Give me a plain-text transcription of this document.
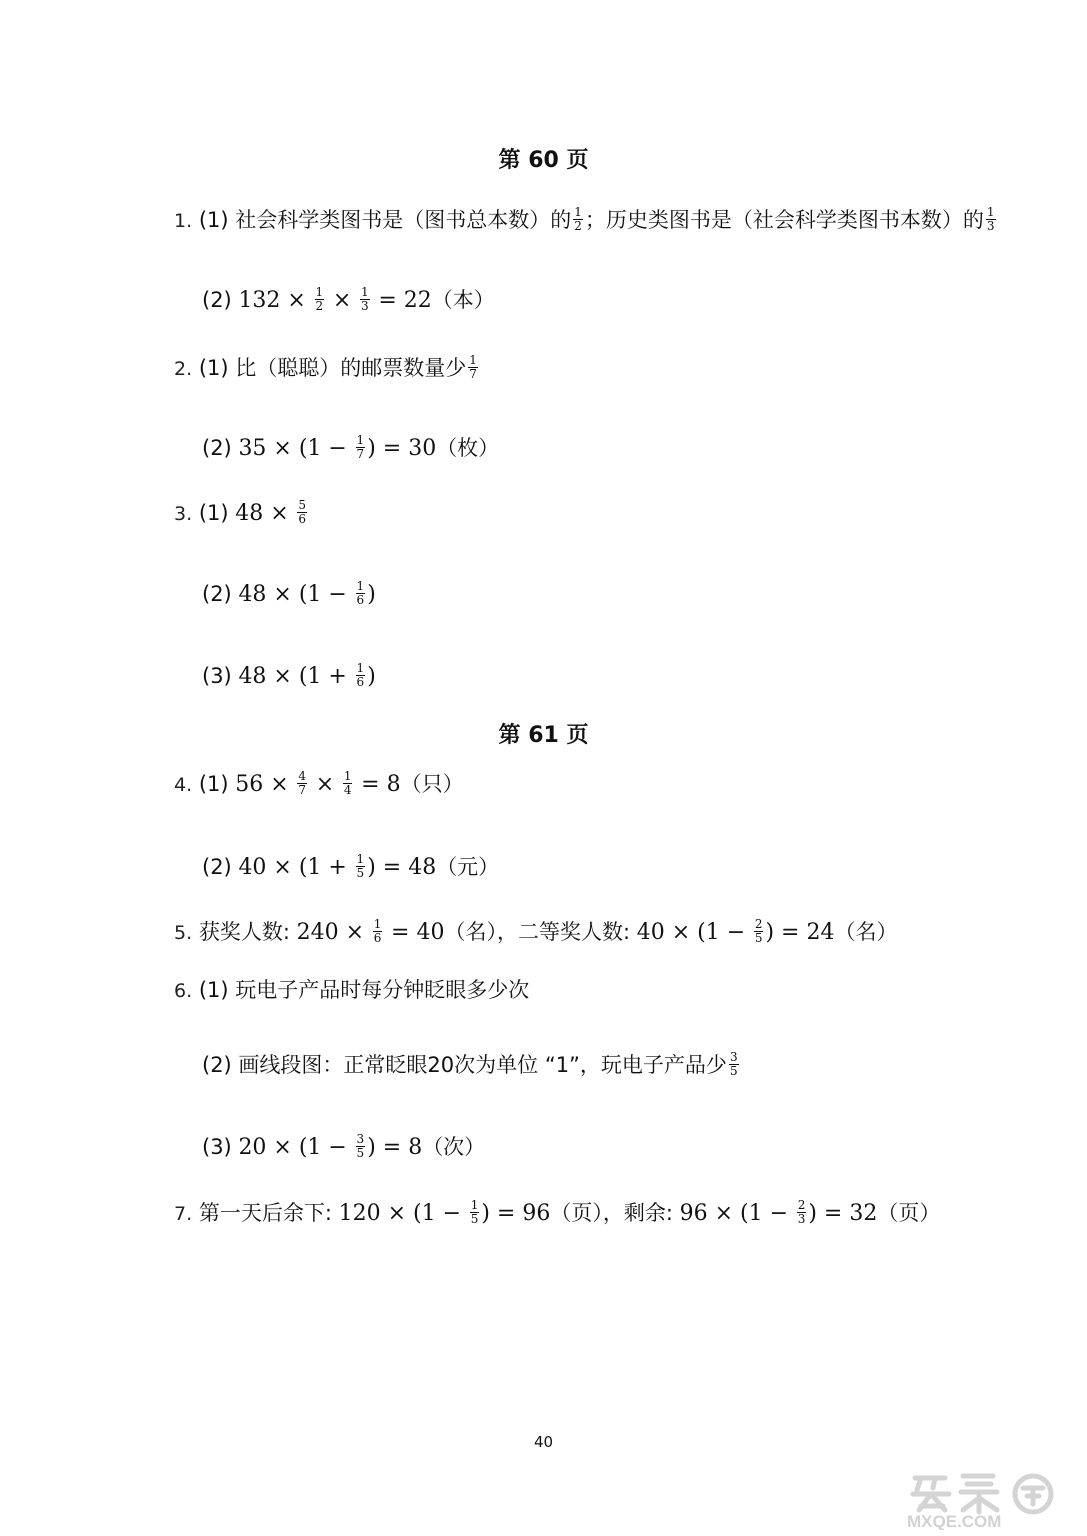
第 60 页
1. (1) 社会科学类图书是（图书总本数）的 $\frac{1}{2}$ ；历史类图书是（社会科学类图书本数）的 $\frac{1}{3}$
(2) $132 \times \frac{1}{2} \times \frac{1}{3} = 22$（本）
2. (1) 比（聪聪）的邮票数量少 $\frac{1}{7}$
(2) $35 \times (1 - \frac{1}{7}$ ) = 30（枚）
3. (1) $48 \times \frac{5}{6}$
(2) $48 \times (1 - \frac{1}{6}$ )
(3) $48 \times (1 + \frac{1}{6}$ )
第 61 页
4. (1) $56 \times \frac{4}{7} \times \frac{1}{4} = 8$（只）
(2) $40 \times (1 + \frac{1}{5}$ ) = 48（元）
5. 获奖人数: $240 \times \frac{1}{6} = 40$（名），二等奖人数: $40 \times (1 - \frac{2}{5}$ ) = 24（名）
6. (1) 玩电子产品时每分钟眨眼多少次
(2) 画线段图：正常眨眼20次为单位 “1”，玩电子产品少 $\frac{3}{5}$
(3) $20 \times (1 - \frac{3}{5}$ ) = 8（次）
7. 第一天后余下: $120 \times (1 - \frac{1}{5}$ ) = 96（页），剩余: $96 \times (1 - \frac{2}{3}$ ) = 32（页）
40
MXQE.COM
